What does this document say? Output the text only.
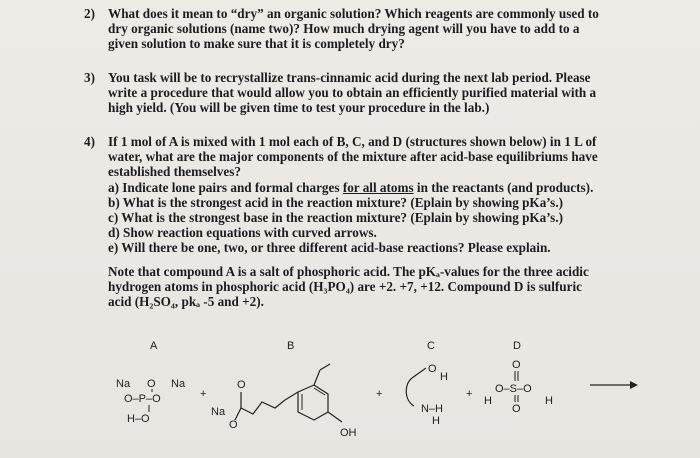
2) What does it mean to “dry” an organic solution? Which reagents are commonly used to
dry organic solutions (name two)? How much drying agent will you have to add to a
given solution to make sure that it is completely dry?
3) You task will be to recrystallize trans-cinnamic acid during the next lab period. Please
write a procedure that would allow you to obtain an efficiently purified material with a
high yield. (You will be given time to test your procedure in the lab.)
4) If 1 mol of A is mixed with 1 mol each of B, C, and D (structures shown below) in 1 L of
water, what are the major components of the mixture after acid-base equilibriums have
established themselves?
a) Indicate lone pairs and formal charges for all atoms in the reactants (and products).
b) What is the strongest acid in the reaction mixture? (Eplain by showing pKa’s.)
c) What is the strongest base in the reaction mixture? (Eplain by showing pKa’s.)
d) Show reaction equations with curved arrows.
e) Will there be one, two, or three different acid-base reactions? Please explain.
Note that compound A is a salt of phosphoric acid. The pKₐ-values for the three acidic
hydrogen atoms in phosphoric acid (H₃PO₄) are +2. +7, +12. Compound D is sulfuric
acid (H₂SO₄, pkₐ -5 and +2).
A	B	C	D
Na O Na
O–P–O
H–O
+
Na
O
O
OH
+
O
H
N–H
H
+
O
O–S–O
O
H	H
